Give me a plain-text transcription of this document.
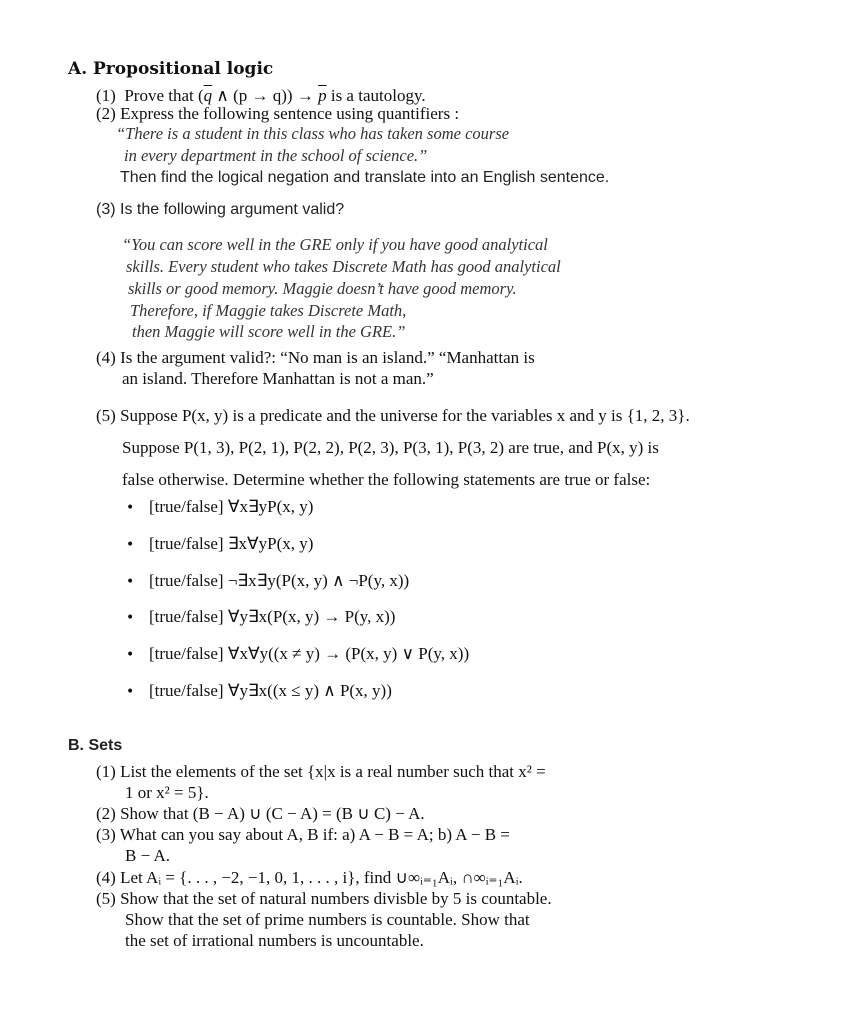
A. Propositional logic
(1) Prove that ($\overline{q}$ ∧ $(p \to q)) \to \overline{p}$ is a tautology.
(2) Express the following sentence using quantifiers :
“There is a student in this class who has taken some course
in every department in the school of science.”
Then find the logical negation and translate into an English sentence.
(3) Is the following argument valid?
“You can score well in the GRE only if you have good analytical
skills. Every student who takes Discrete Math has good analytical
skills or good memory. Maggie doesn’t have good memory.
Therefore, if Maggie takes Discrete Math,
then Maggie will score well in the GRE.”
(4) Is the argument valid?: “No man is an island.” “Manhattan is
an island. Therefore Manhattan is not a man.”
(5) Suppose P(x, y) is a predicate and the universe for the variables x and y is {1, 2, 3}.
Suppose P(1, 3), P(2, 1), P(2, 2), P(2, 3), P(3, 1), P(3, 2) are true, and P(x, y) is
false otherwise. Determine whether the following statements are true or false:
• [true/false] ∀x∃yP(x, y)
• [true/false] ∃x∀yP(x, y)
• [true/false] ¬∃x∃y(P(x, y) ∧ ¬P(y, x))
• [true/false] ∀y∃x(P(x, y) → P(y, x))
• [true/false] ∀x∀y((x ≠ y) → (P(x, y) ∨ P(y, x))
• [true/false] ∀y∃x((x ≤ y) ∧ P(x, y))
B. Sets
(1) List the elements of the set {x|x is a real number such that x² =
1 or x² = 5}.
(2) Show that (B − A) ∪ (C − A) = (B ∪ C) − A.
(3) What can you say about A, B if: a) A − B = A; b) A − B =
B − A.
(4) Let Aᵢ = {. . . , −2, −1, 0, 1, . . . , i}, find ∪∞ᵢ₌₁Aᵢ, ∩∞ᵢ₌₁Aᵢ.
(5) Show that the set of natural numbers divisble by 5 is countable.
Show that the set of prime numbers is countable. Show that
the set of irrational numbers is uncountable.
